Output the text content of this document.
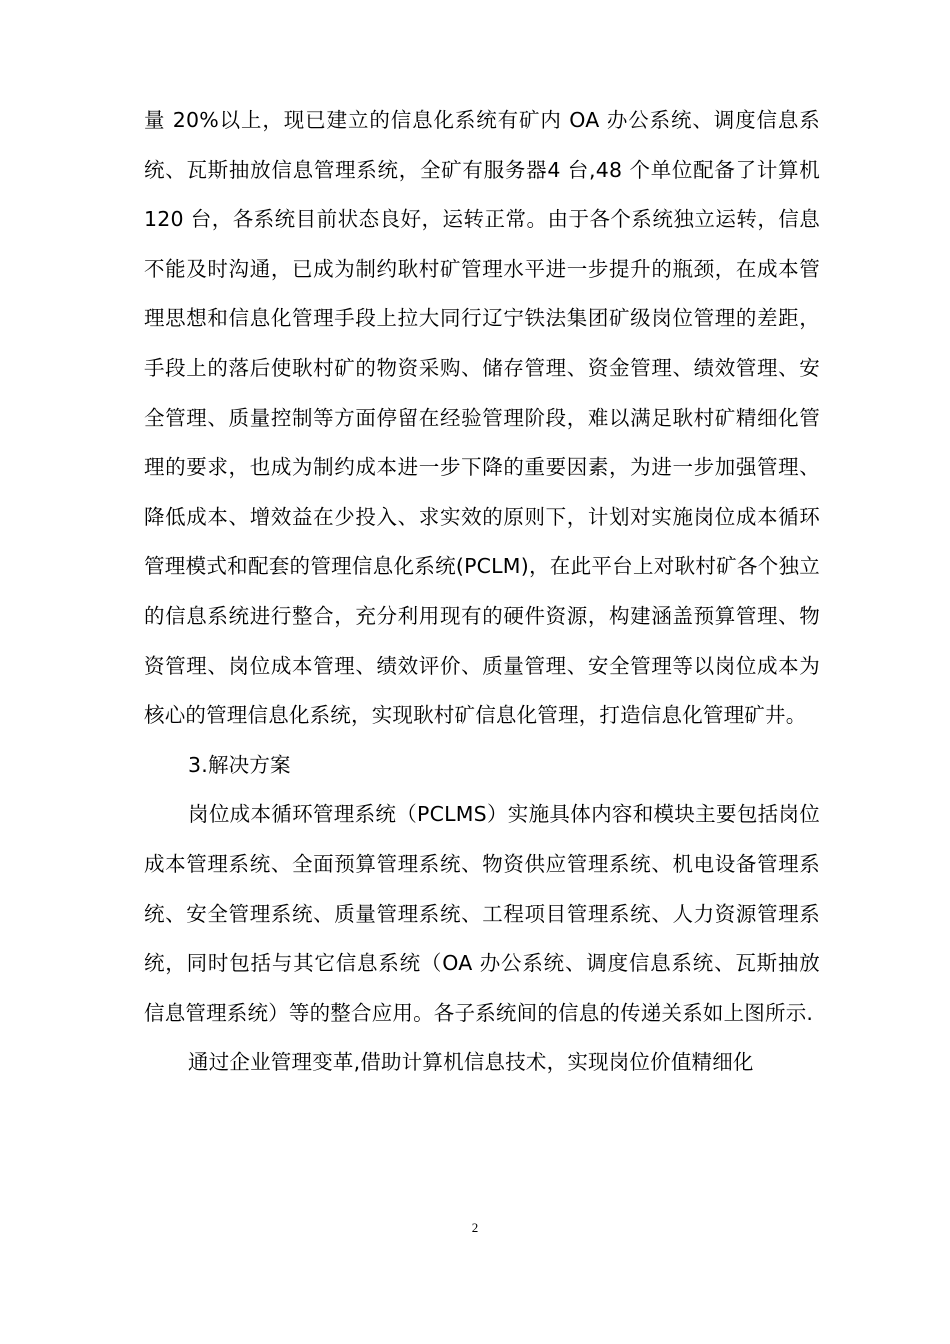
量 20%以上，现已建立的信息化系统有矿内 OA 办公系统、调度信息系统、瓦斯抽放信息管理系统，全矿有服务器4 台,48 个单位配备了计算机 120 台，各系统目前状态良好，运转正常。由于各个系统独立运转，信息不能及时沟通，已成为制约耿村矿管理水平进一步提升的瓶颈，在成本管理思想和信息化管理手段上拉大同行辽宁铁法集团矿级岗位管理的差距，手段上的落后使耿村矿的物资采购、储存管理、资金管理、绩效管理、安全管理、质量控制等方面停留在经验管理阶段，难以满足耿村矿精细化管理的要求，也成为制约成本进一步下降的重要因素，为进一步加强管理、降低成本、增效益在少投入、求实效的原则下，计划对实施岗位成本循环管理模式和配套的管理信息化系统(PCLM)，在此平台上对耿村矿各个独立的信息系统进行整合，充分利用现有的硬件资源，构建涵盖预算管理、物资管理、岗位成本管理、绩效评价、质量管理、安全管理等以岗位成本为核心的管理信息化系统，实现耿村矿信息化管理，打造信息化管理矿井。

3.解决方案

岗位成本循环管理系统（PCLMS）实施具体内容和模块主要包括岗位成本管理系统、全面预算管理系统、物资供应管理系统、机电设备管理系统、安全管理系统、质量管理系统、工程项目管理系统、人力资源管理系统，同时包括与其它信息系统（OA 办公系统、调度信息系统、瓦斯抽放信息管理系统）等的整合应用。各子系统间的信息的传递关系如上图所示.

通过企业管理变革,借助计算机信息技术，实现岗位价值精细化

2
